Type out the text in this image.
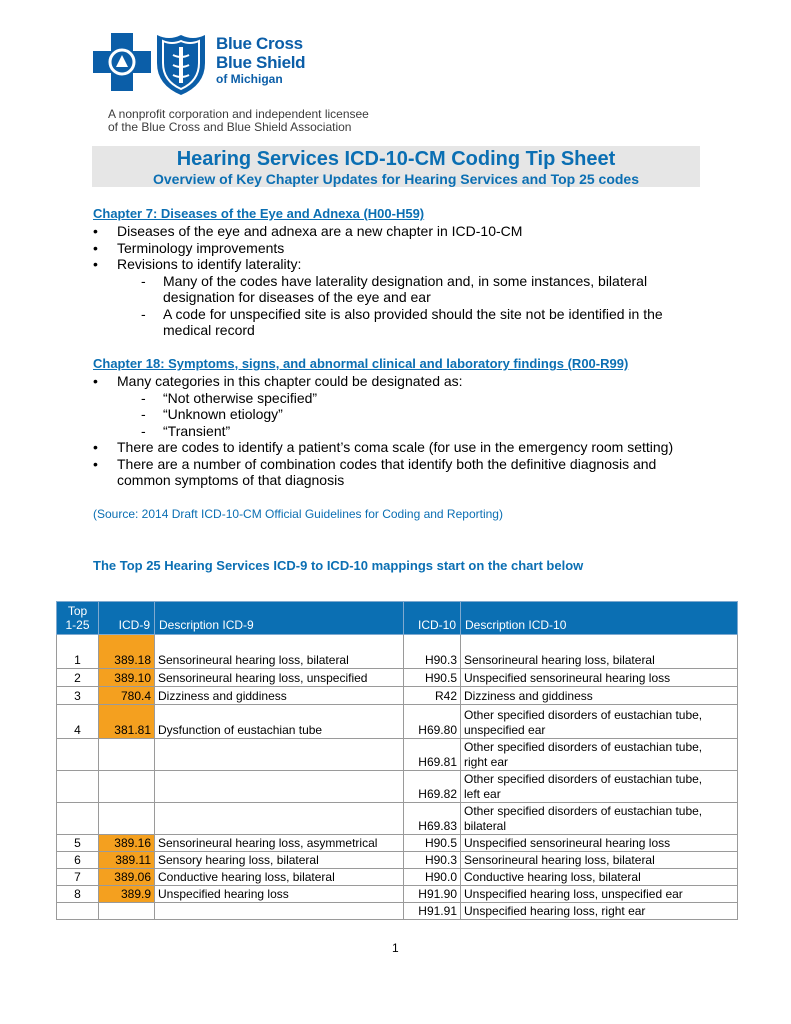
Blue Cross
Blue Shield
of Michigan
A nonprofit corporation and independent licensee
of the Blue Cross and Blue Shield Association
Hearing Services ICD-10-CM Coding Tip Sheet
Overview of Key Chapter Updates for Hearing Services and Top 25 codes
Chapter 7: Diseases of the Eye and Adnexa (H00-H59)
• Diseases of the eye and adnexa are a new chapter in ICD-10-CM
• Terminology improvements
• Revisions to identify laterality:
- Many of the codes have laterality designation and, in some instances, bilateral
designation for diseases of the eye and ear
- A code for unspecified site is also provided should the site not be identified in the
medical record
Chapter 18: Symptoms, signs, and abnormal clinical and laboratory findings (R00-R99)
• Many categories in this chapter could be designated as:
- “Not otherwise specified”
- “Unknown etiology”
- “Transient”
• There are codes to identify a patient’s coma scale (for use in the emergency room setting)
• There are a number of combination codes that identify both the definitive diagnosis and
common symptoms of that diagnosis
(Source: 2014 Draft ICD-10-CM Official Guidelines for Coding and Reporting)
The Top 25 Hearing Services ICD-9 to ICD-10 mappings start on the chart below
Top
1-25	ICD-9	Description ICD-9	ICD-10	Description ICD-10
1	389.18	Sensorineural hearing loss, bilateral	H90.3	Sensorineural hearing loss, bilateral
2	389.10	Sensorineural hearing loss, unspecified	H90.5	Unspecified sensorineural hearing loss
3	780.4	Dizziness and giddiness	R42	Dizziness and giddiness
4	381.81	Dysfunction of eustachian tube	H69.80	Other specified disorders of eustachian tube,
unspecified ear

			H69.81	Other specified disorders of eustachian tube,
right ear

			H69.82	Other specified disorders of eustachian tube,
left ear

			H69.83	Other specified disorders of eustachian tube,
bilateral

5	389.16	Sensorineural hearing loss, asymmetrical	H90.5	Unspecified sensorineural hearing loss
6	389.11	Sensory hearing loss, bilateral	H90.3	Sensorineural hearing loss, bilateral
7	389.06	Conductive hearing loss, bilateral	H90.0	Conductive hearing loss, bilateral
8	389.9	Unspecified hearing loss	H91.90	Unspecified hearing loss, unspecified ear
			H91.91	Unspecified hearing loss, right ear
1
